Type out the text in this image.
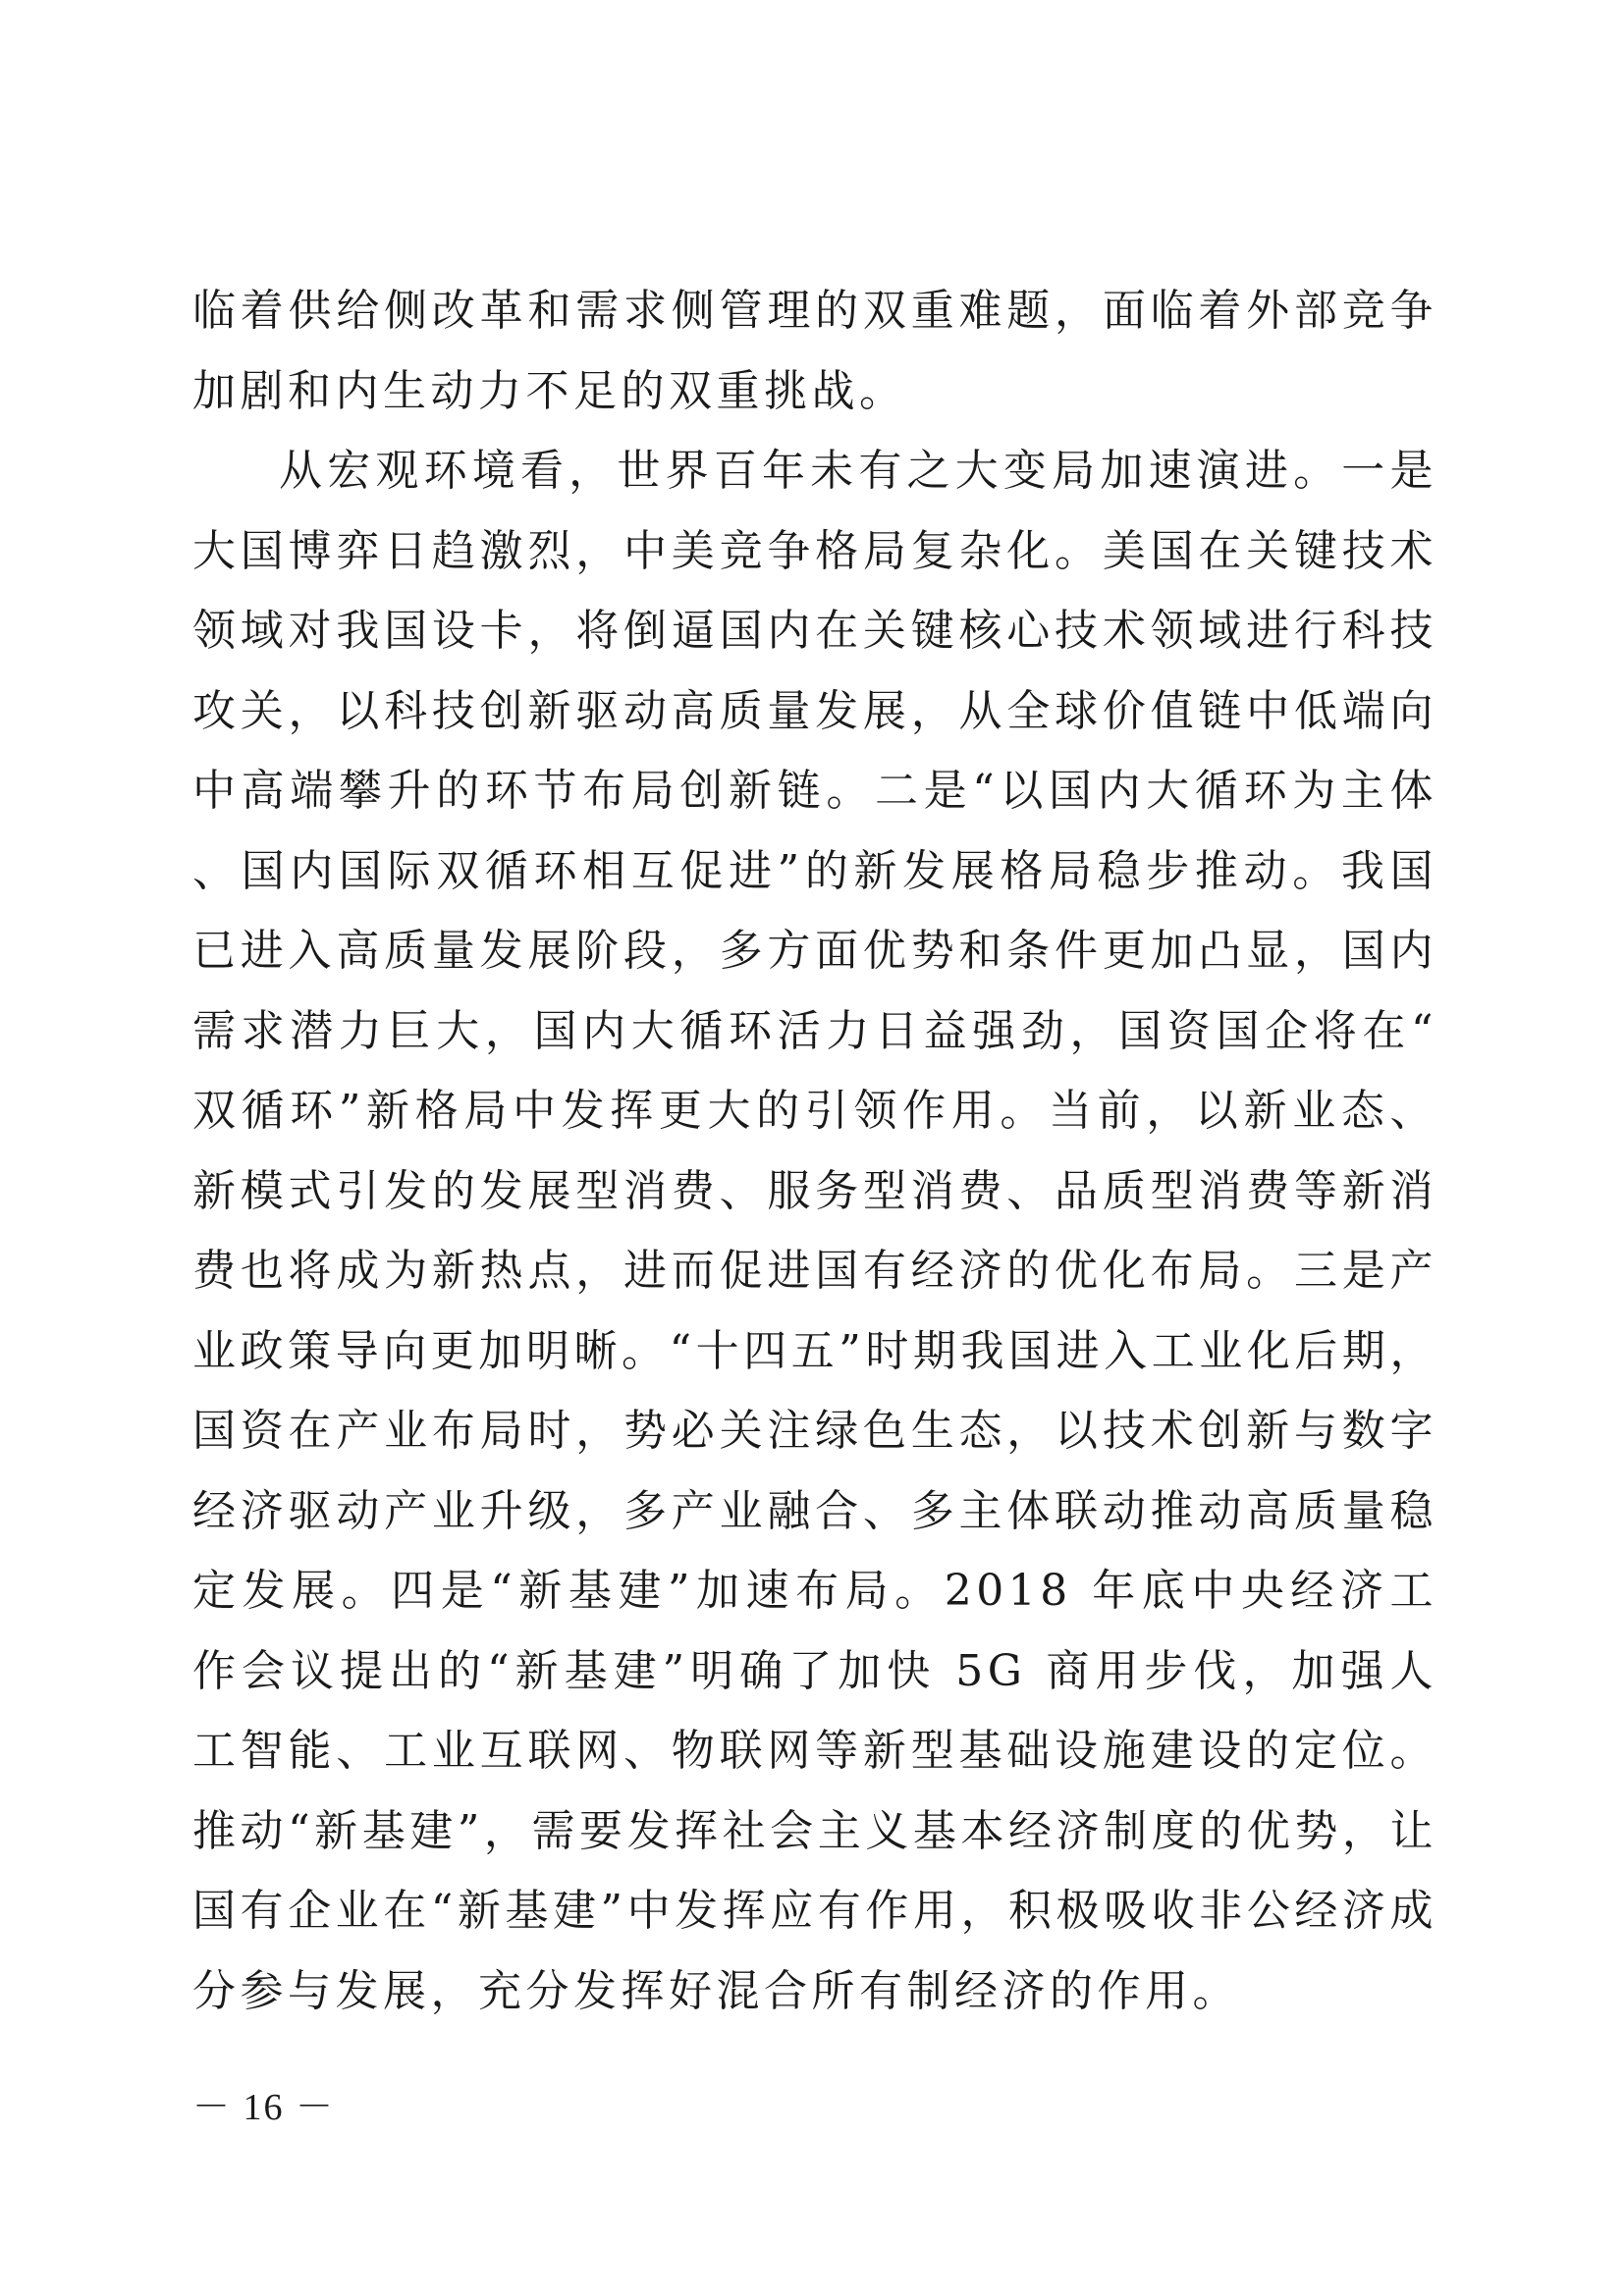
临着供给侧改革和需求侧管理的双重难题，面临着外部竞争加剧和内生动力不足的双重挑战。

从宏观环境看，世界百年未有之大变局加速演进。一是大国博弈日趋激烈，中美竞争格局复杂化。美国在关键技术领域对我国设卡，将倒逼国内在关键核心技术领域进行科技攻关，以科技创新驱动高质量发展，从全球价值链中低端向中高端攀升的环节布局创新链。二是“以国内大循环为主体、国内国际双循环相互促进”的新发展格局稳步推动。我国已进入高质量发展阶段，多方面优势和条件更加凸显，国内需求潜力巨大，国内大循环活力日益强劲，国资国企将在“双循环”新格局中发挥更大的引领作用。当前，以新业态、新模式引发的发展型消费、服务型消费、品质型消费等新消费也将成为新热点，进而促进国有经济的优化布局。三是产业政策导向更加明晰。“十四五”时期我国进入工业化后期，国资在产业布局时，势必关注绿色生态，以技术创新与数字经济驱动产业升级，多产业融合、多主体联动推动高质量稳定发展。四是“新基建”加速布局。2018 年底中央经济工作会议提出的“新基建”明确了加快 5G 商用步伐，加强人工智能、工业互联网、物联网等新型基础设施建设的定位。推动“新基建”，需要发挥社会主义基本经济制度的优势，让国有企业在“新基建”中发挥应有作用，积极吸收非公经济成分参与发展，充分发挥好混合所有制经济的作用。

－ 16 －
